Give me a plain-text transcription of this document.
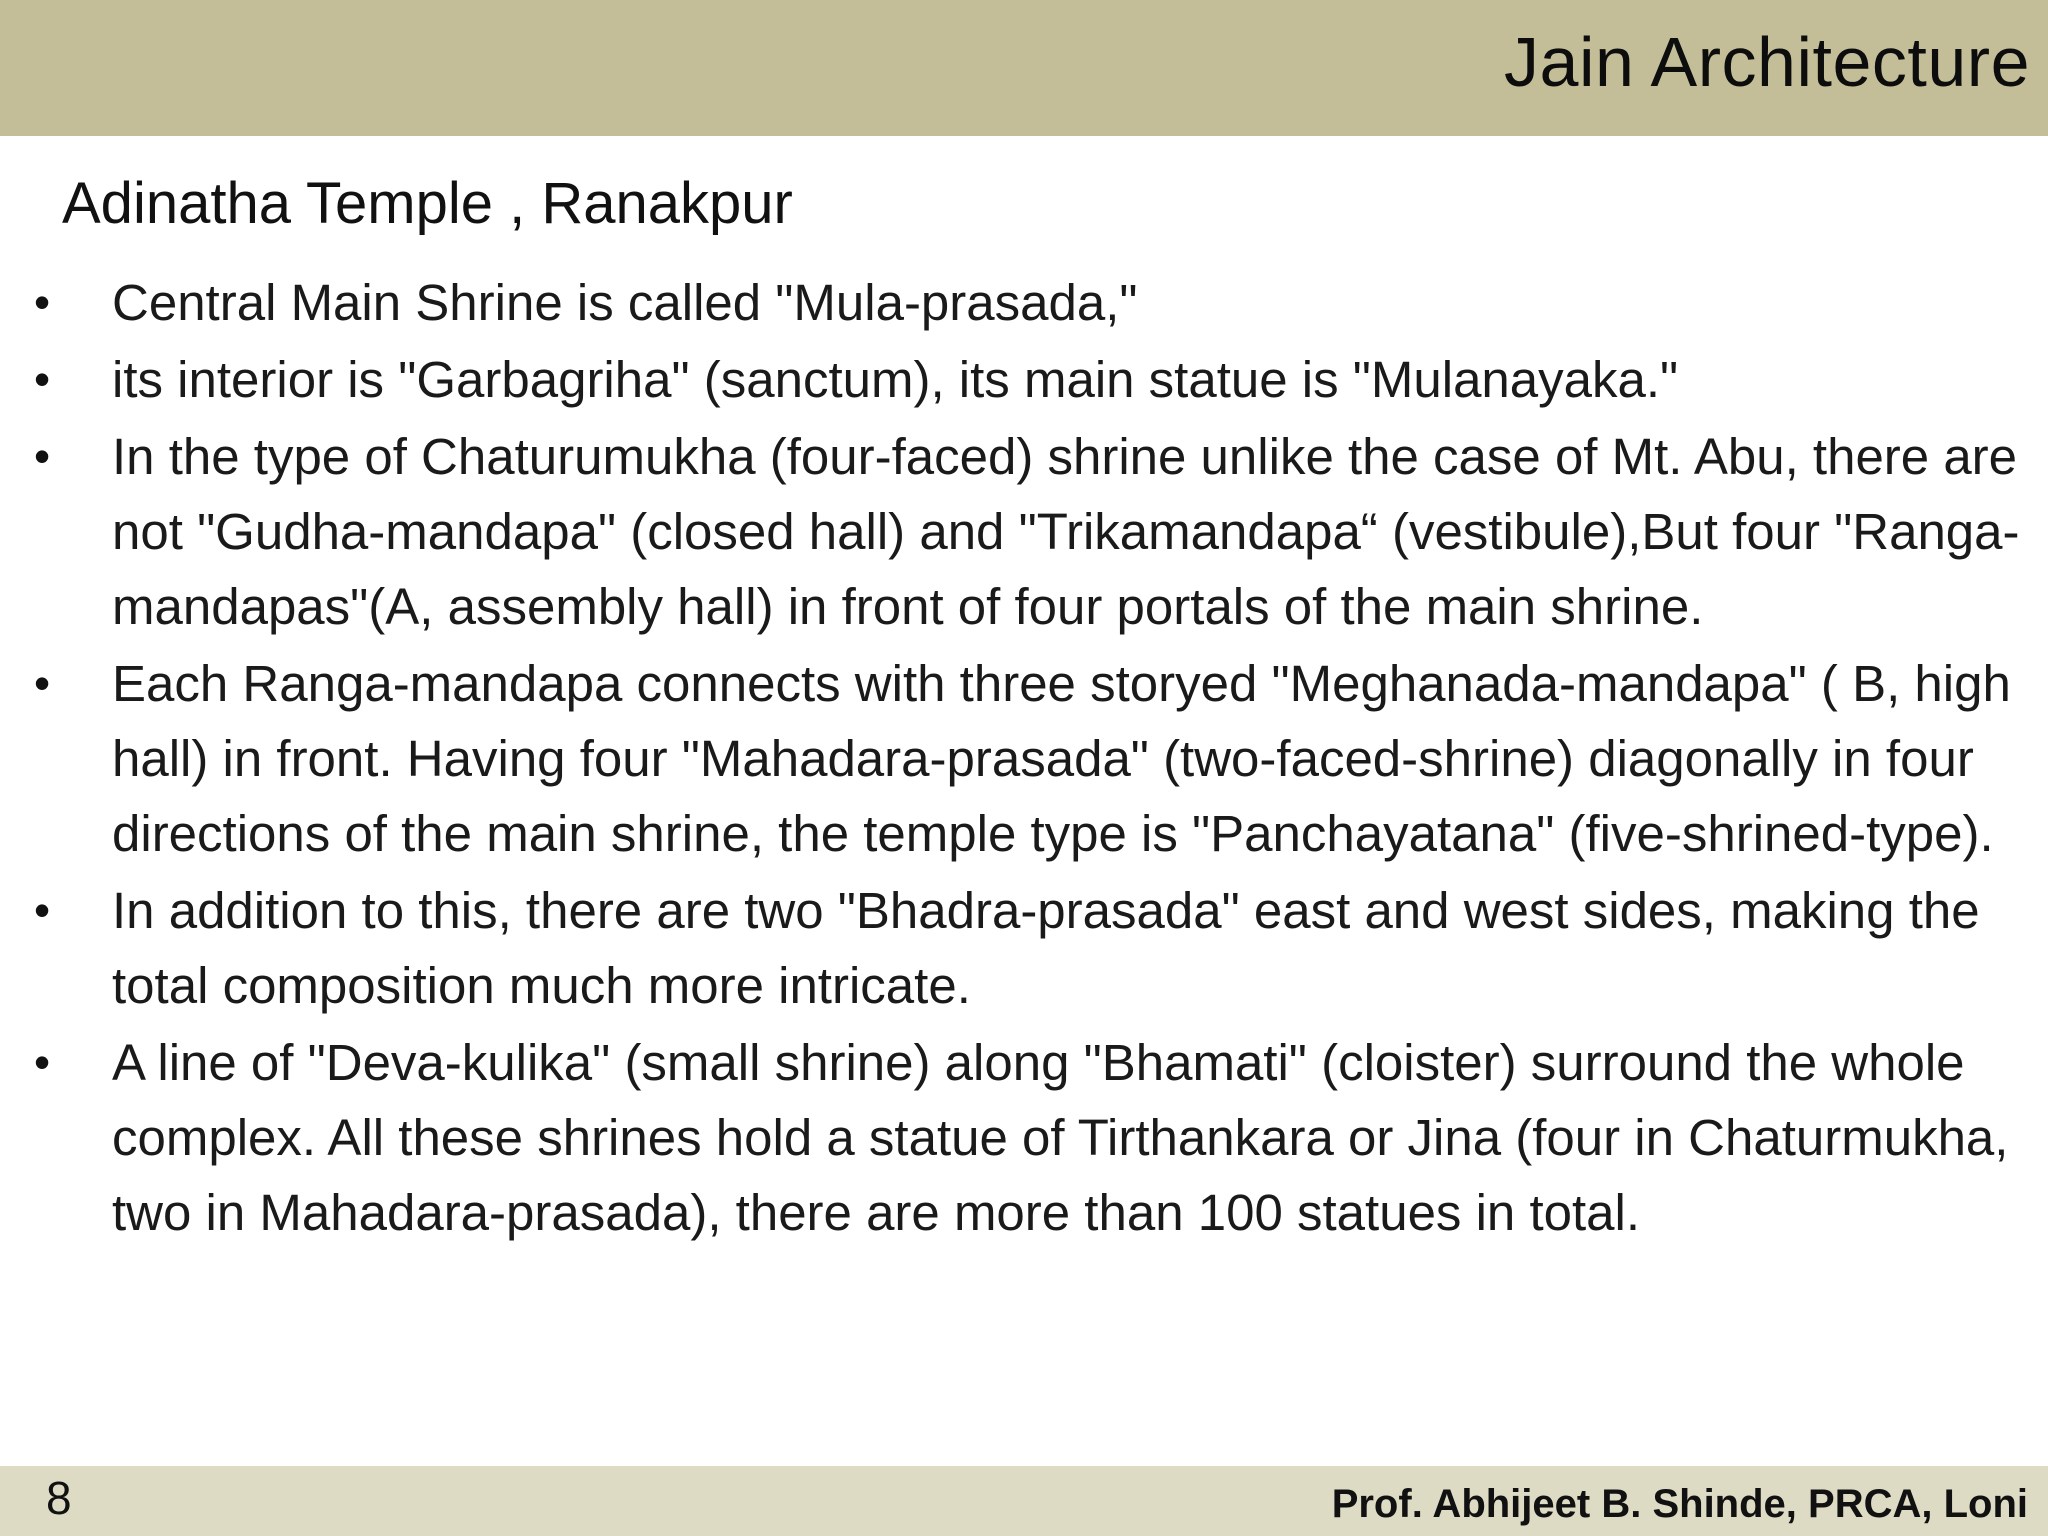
Jain Architecture
Adinatha Temple , Ranakpur
• Central Main Shrine is called "Mula-prasada,"
• its interior is "Garbagriha" (sanctum), its main statue is "Mulanayaka."
• In the type of Chaturumukha (four-faced) shrine unlike the case of Mt. Abu, there are not "Gudha-mandapa" (closed hall) and "Trikamandapa“ (vestibule),But four "Ranga-mandapas"(A, assembly hall) in front of four portals of the main shrine.
• Each Ranga-mandapa connects with three storyed "Meghanada-mandapa" ( B, high hall) in front. Having four "Mahadara-prasada" (two-faced-shrine) diagonally in four directions of the main shrine, the temple type is "Panchayatana" (five-shrined-type).
• In addition to this, there are two "Bhadra-prasada" east and west sides, making the total composition much more intricate.
• A line of "Deva-kulika" (small shrine) along "Bhamati" (cloister) surround the whole complex. All these shrines hold a statue of Tirthankara or Jina (four in Chaturmukha, two in Mahadara-prasada), there are more than 100 statues in total.
8	Prof. Abhijeet B. Shinde, PRCA, Loni
